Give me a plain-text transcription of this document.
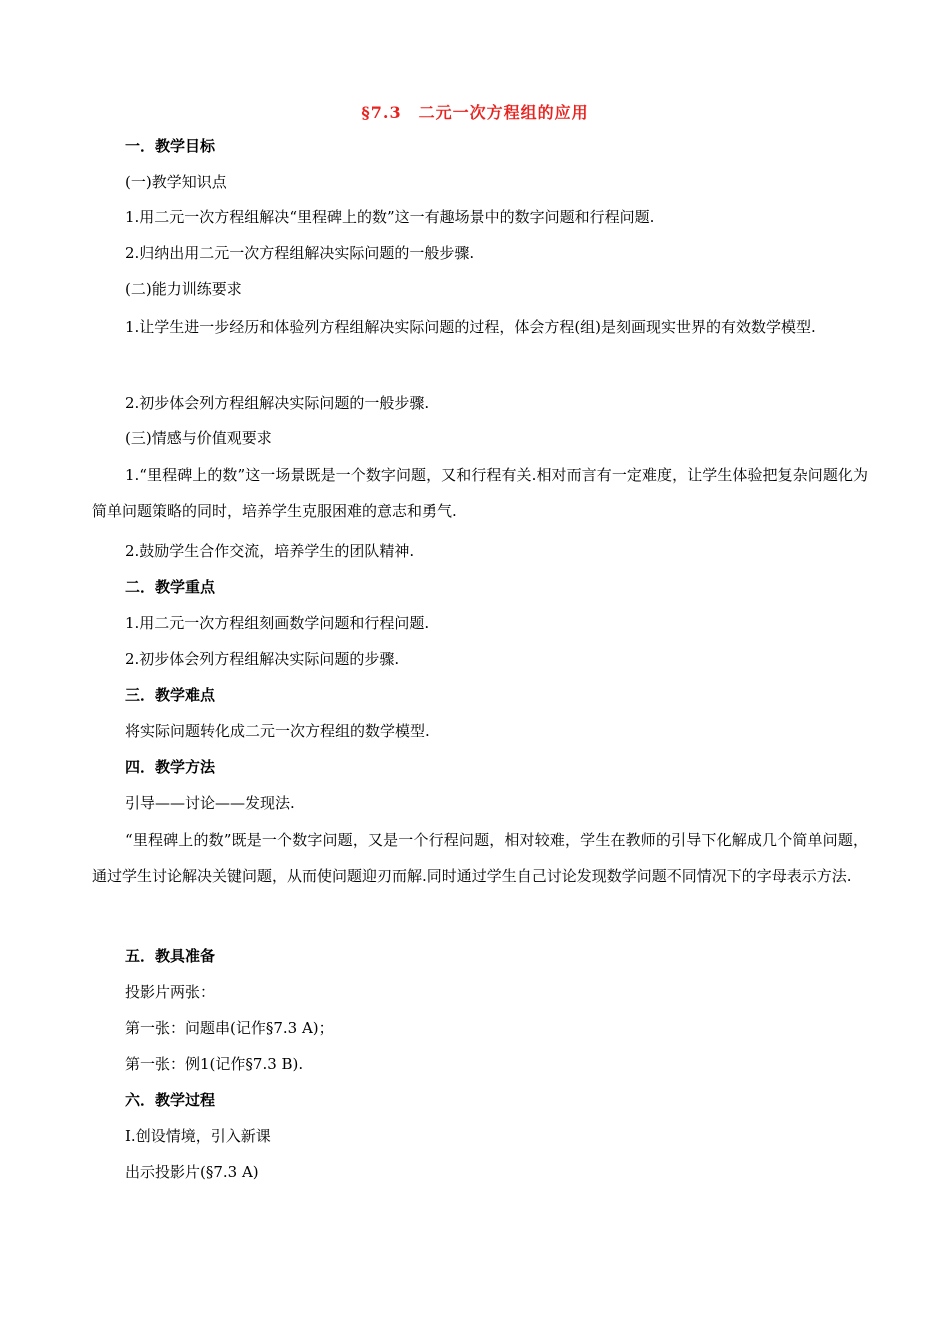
§7.3　二元一次方程组的应用
一．教学目标
(一)教学知识点
1.用二元一次方程组解决“里程碑上的数”这一有趣场景中的数字问题和行程问题.
2.归纳出用二元一次方程组解决实际问题的一般步骤.
(二)能力训练要求
1.让学生进一步经历和体验列方程组解决实际问题的过程，体会方程(组)是刻画现实世界的有效数学模型.
2.初步体会列方程组解决实际问题的一般步骤.
(三)情感与价值观要求
1.“里程碑上的数”这一场景既是一个数字问题，又和行程有关.相对而言有一定难度，让学生体验把复杂问题化为简单问题策略的同时，培养学生克服困难的意志和勇气.
2.鼓励学生合作交流，培养学生的团队精神.
二．教学重点
1.用二元一次方程组刻画数学问题和行程问题.
2.初步体会列方程组解决实际问题的步骤.
三．教学难点
将实际问题转化成二元一次方程组的数学模型.
四．教学方法
引导——讨论——发现法.
“里程碑上的数”既是一个数字问题，又是一个行程问题，相对较难，学生在教师的引导下化解成几个简单问题，通过学生讨论解决关键问题，从而使问题迎刃而解.同时通过学生自己讨论发现数学问题不同情况下的字母表示方法.
五．教具准备
投影片两张：
第一张：问题串(记作§7.3 A)；
第一张：例1(记作§7.3 B).
六．教学过程
Ⅰ.创设情境，引入新课
出示投影片(§7.3 A)
